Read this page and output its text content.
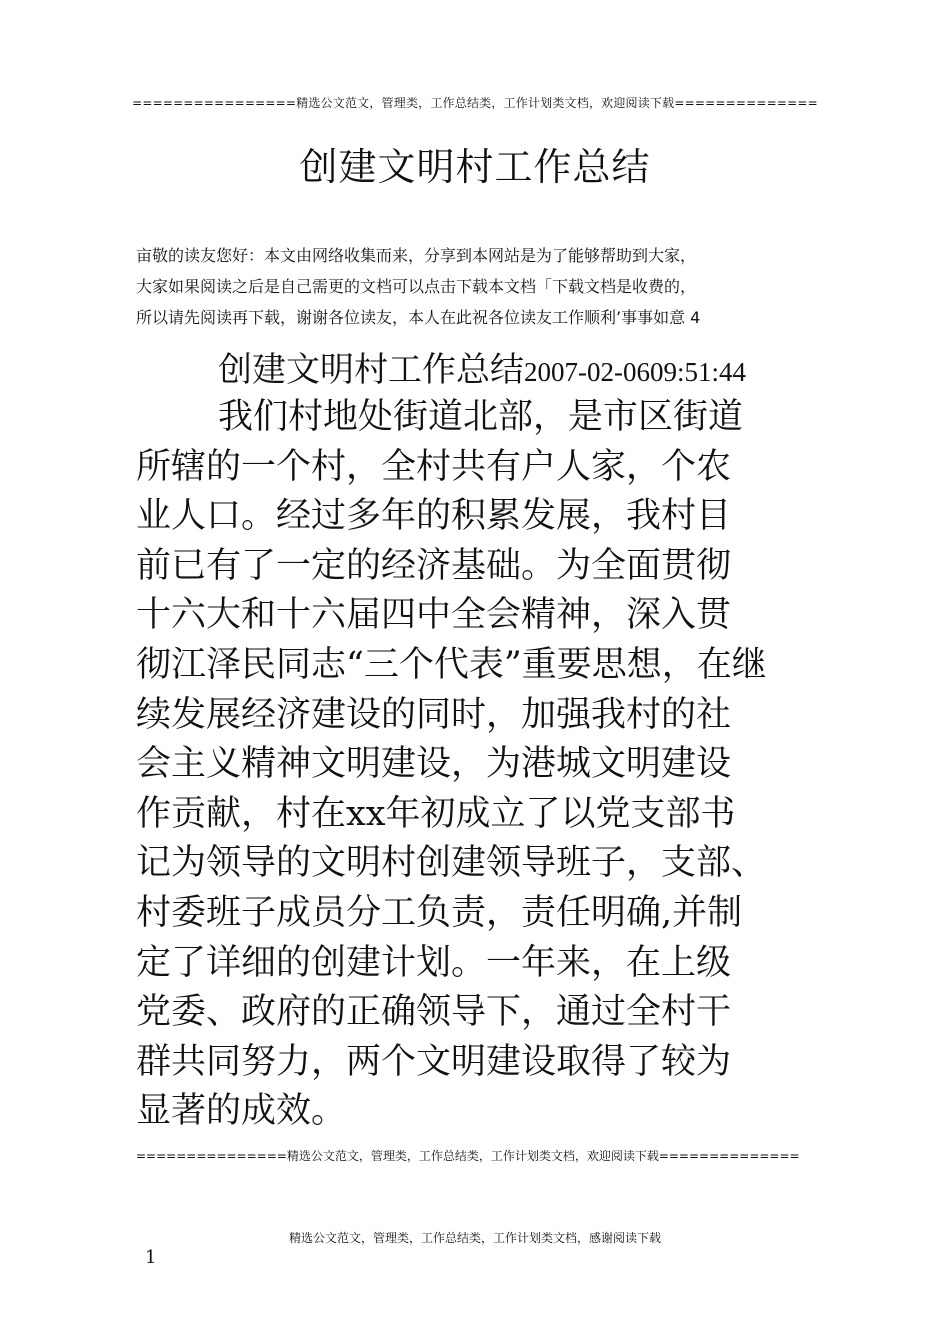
================精选公文范文，管理类，工作总结类，工作计划类文档，欢迎阅读下载==============
创建文明村工作总结
亩敬的读友您好：本文由网络收集而来，分享到本网站是为了能够帮助到大家，
大家如果阅读之后是自己需更的文档可以点击下载本文档「下载文档是收费的，
所以请先阅读再下载，谢谢各位读友，本人在此祝各位读友工作顺利’事事如意 4
创建文明村工作总结2007-02-0609:51:44
我们村地处街道北部，是市区街道
所辖的一个村，全村共有户人家，个农
业人口。经过多年的积累发展，我村目
前已有了一定的经济基础。为全面贯彻
十六大和十六届四中全会精神，深入贯
彻江泽民同志“三个代表”重要思想，在继
续发展经济建设的同时，加强我村的社
会主义精神文明建设，为港城文明建设
作贡献，村在xx年初成立了以党支部书
记为领导的文明村创建领导班子，支部、
村委班子成员分工负责，责任明确,并制
定了详细的创建计划。一年来，在上级
党委、政府的正确领导下，通过全村干
群共同努力，两个文明建设取得了较为
显著的成效。
===============精选公文范文，管理类，工作总结类，工作计划类文档，欢迎阅读下载==============
精选公文范文，管理类，工作总结类，工作计划类文档，感谢阅读下载
1
